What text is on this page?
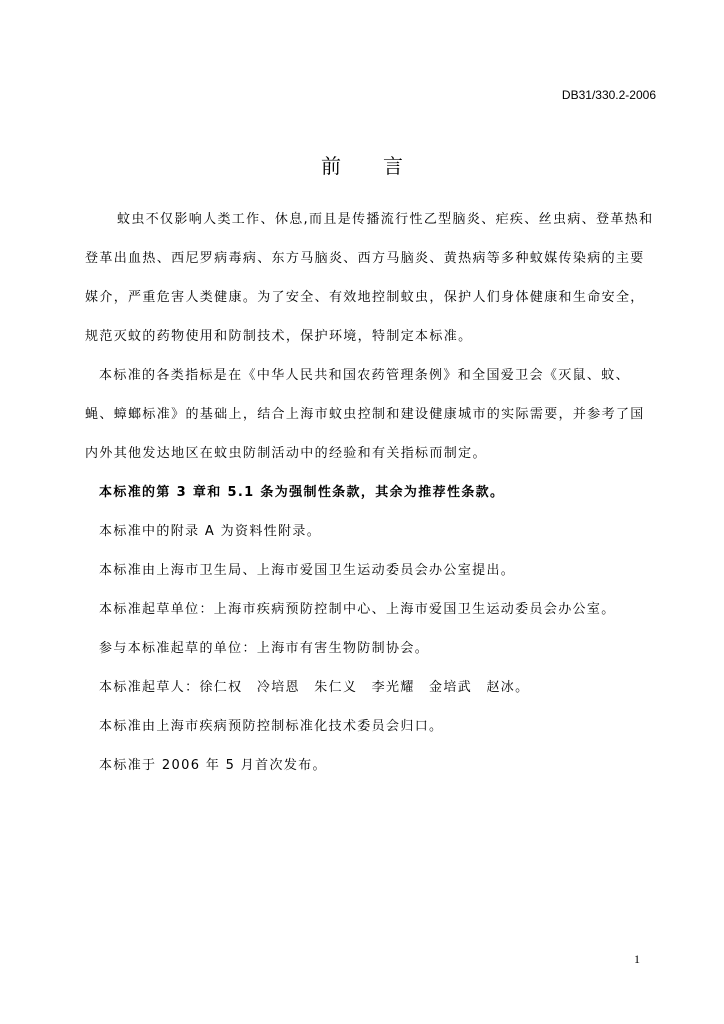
DB31/330.2-2006
前言

蚊虫不仅影响人类工作、休息,而且是传播流行性乙型脑炎、疟疾、丝虫病、登革热和登革出血热、西尼罗病毒病、东方马脑炎、西方马脑炎、黄热病等多种蚊媒传染病的主要媒介，严重危害人类健康。为了安全、有效地控制蚊虫，保护人们身体健康和生命安全，规范灭蚊的药物使用和防制技术，保护环境，特制定本标准。

本标准的各类指标是在《中华人民共和国农药管理条例》和全国爱卫会《灭鼠、蚊、蝇、蟑螂标准》的基础上，结合上海市蚊虫控制和建设健康城市的实际需要，并参考了国内外其他发达地区在蚊虫防制活动中的经验和有关指标而制定。

本标准的第 3 章和 5.1 条为强制性条款，其余为推荐性条款。

本标准中的附录 A 为资料性附录。

本标准由上海市卫生局、上海市爱国卫生运动委员会办公室提出。

本标准起草单位：上海市疾病预防控制中心、上海市爱国卫生运动委员会办公室。

参与本标准起草的单位：上海市有害生物防制协会。

本标准起草人：徐仁权　冷培恩　朱仁义　李光耀　金培武　赵冰。

本标准由上海市疾病预防控制标准化技术委员会归口。

本标准于 2006 年 5 月首次发布。

1
